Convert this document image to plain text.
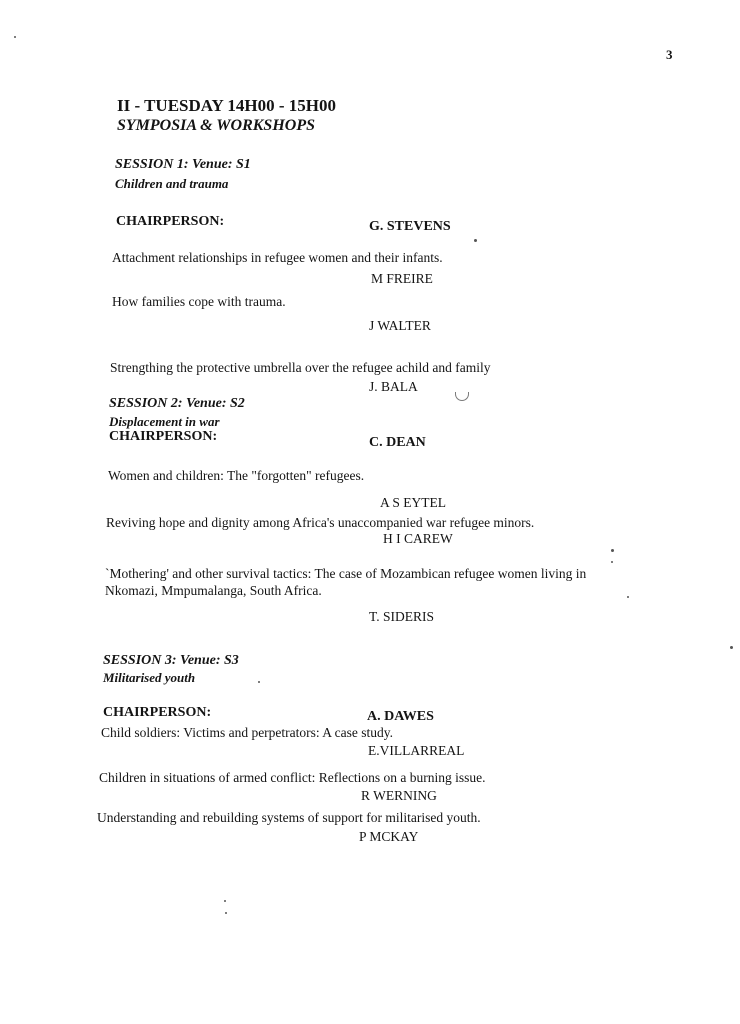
3
II - TUESDAY 14H00 - 15H00
SYMPOSIA & WORKSHOPS
SESSION 1: Venue: S1
Children and trauma
CHAIRPERSON:	G. STEVENS
Attachment relationships in refugee women and their infants.
M FREIRE
How families cope with trauma.
J WALTER
Strengthing the protective umbrella over the refugee achild and family
J. BALA
SESSION 2: Venue: S2
Displacement in war
CHAIRPERSON:	C. DEAN
Women and children: The "forgotten" refugees.
A S EYTEL
Reviving hope and dignity among Africa's unaccompanied war refugee minors.
H I CAREW
`Mothering' and other survival tactics: The case of Mozambican refugee women living in
Nkomazi, Mmpumalanga, South Africa.
T. SIDERIS
SESSION 3: Venue: S3
Militarised youth
CHAIRPERSON:	A. DAWES
Child soldiers: Victims and perpetrators: A case study.
E.VILLARREAL
Children in situations of armed conflict: Reflections on a burning issue.
R WERNING
Understanding and rebuilding systems of support for militarised youth.
P MCKAY
